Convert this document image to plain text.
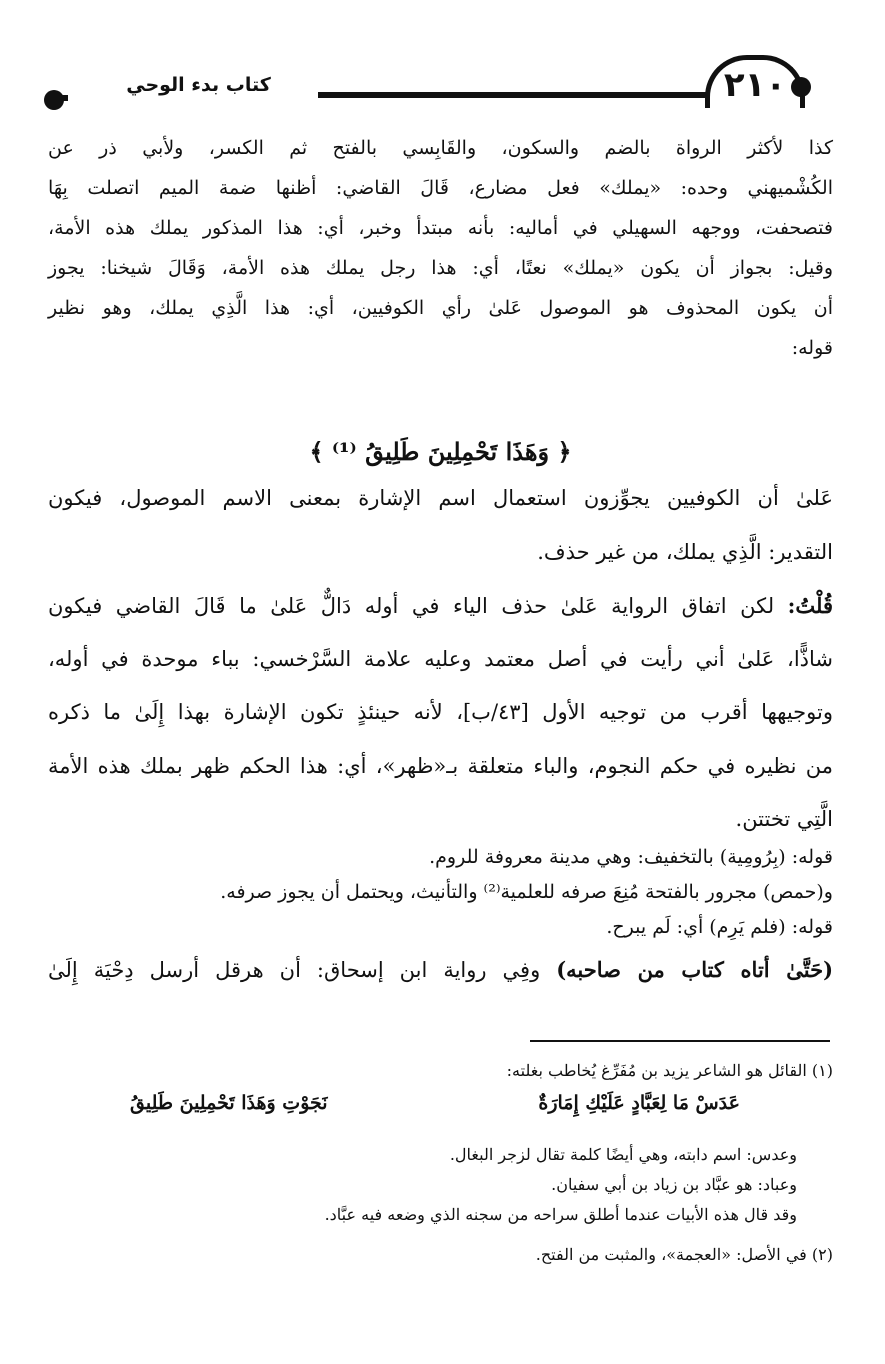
كتاب بدء الوحي	٢١٠
كذا لأكثر الرواة بالضم والسكون، والقَابِسي بالفتح ثم الكسر، ولأبي ذر عن
الكُشْميهني وحده: «يملك» فعل مضارع، قَالَ القاضي: أظنها ضمة الميم اتصلت بِهَا
فتصحفت، ووجهه السهيلي في أماليه: بأنه مبتدأ وخبر، أي: هذا المذكور يملك هذه الأمة،
وقيل: بجواز أن يكون «يملك» نعتًا، أي: هذا رجل يملك هذه الأمة، وَقَالَ شيخنا: يجوز
أن يكون المحذوف هو الموصول عَلىٰ رأي الكوفيين، أي: هذا الَّذِي يملك، وهو نظير
قوله:
﴿ وَهَذَا تَحْمِلِينَ طَلِيقُ ⁽¹⁾ ﴾
عَلىٰ أن الكوفيين يجوِّزون استعمال اسم الإشارة بمعنى الاسم الموصول، فيكون
التقدير: الَّذِي يملك، من غير حذف.
قُلْتُ: لكن اتفاق الرواية عَلىٰ حذف الياء في أوله دَالٌّ عَلىٰ ما قَالَ القاضي فيكون
شاذًّا، عَلىٰ أني رأيت في أصل معتمد وعليه علامة السَّرْخسي: بباء موحدة في أوله،
وتوجيهها أقرب من توجيه الأول [٤٣/ب]، لأنه حينئذٍ تكون الإشارة بهذا إِلَىٰ ما ذكره
من نظيره في حكم النجوم، والباء متعلقة بـ«ظهر»، أي: هذا الحكم ظهر بملك هذه الأمة
الَّتِي تختتن.
قوله: (بِرُومِية) بالتخفيف: وهي مدينة معروفة للروم.
و(حمص) مجرور بالفتحة مُنِعَ صرفه للعلمية⁽²⁾ والتأنيث، ويحتمل أن يجوز صرفه.
قوله: (فلم يَرِم) أي: لَم يبرح.
(حَتَّىٰ أتاه كتاب من صاحبه) وفِي رواية ابن إسحاق: أن هرقل أرسل دِحْيَة إِلَىٰ
(١) القائل هو الشاعر يزيد بن مُفَرِّغ يُخاطب بغلته:
عَدَسْ مَا لِعَبَّادٍ عَلَيْكِ إِمَارَةٌ
نَجَوْتِ وَهَذَا تَحْمِلِينَ طَلِيقُ
وعدس: اسم دابته، وهي أيضًا كلمة تقال لزجر البغال.
وعباد: هو عبَّاد بن زياد بن أبي سفيان.
وقد قال هذه الأبيات عندما أطلق سراحه من سجنه الذي وضعه فيه عبَّاد.
(٢) في الأصل: «العجمة»، والمثبت من الفتح.
